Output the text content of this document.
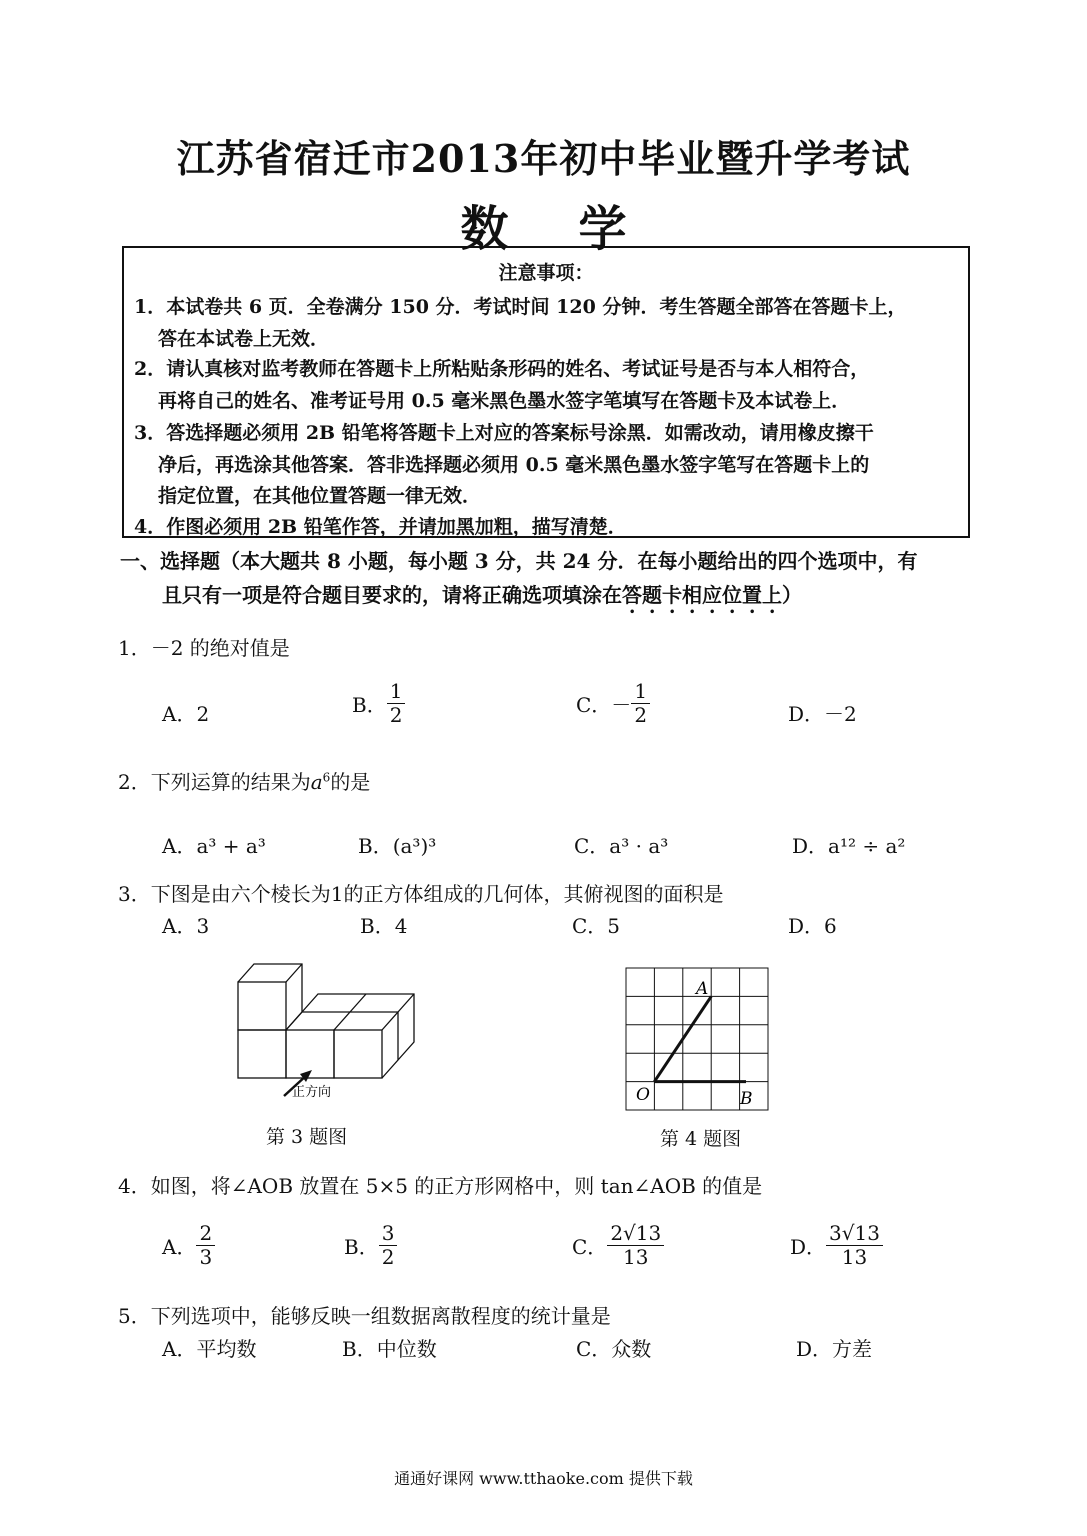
江苏省宿迁市2013年初中毕业暨升学考试
数学
注意事项：
1．本试卷共 6 页．全卷满分 150 分．考试时间 120 分钟．考生答题全部答在答题卡上，
答在本试卷上无效．
2．请认真核对监考教师在答题卡上所粘贴条形码的姓名、考试证号是否与本人相符合，
再将自己的姓名、准考证号用 0.5 毫米黑色墨水签字笔填写在答题卡及本试卷上．
3．答选择题必须用 2B 铅笔将答题卡上对应的答案标号涂黑．如需改动，请用橡皮擦干
净后，再选涂其他答案．答非选择题必须用 0.5 毫米黑色墨水签字笔写在答题卡上的
指定位置，在其他位置答题一律无效．
4．作图必须用 2B 铅笔作答，并请加黑加粗，描写清楚．
一、选择题（本大题共 8 小题，每小题 3 分，共 24 分．在每小题给出的四个选项中，有
且只有一项是符合题目要求的，请将正确选项填涂在答题卡相应位置上）
1．－2 的绝对值是
A．2	B． $\frac{1}{2}$	C．－ $\frac{1}{2}$	D．－2
2．下列运算的结果为$a^6$的是
A．a³ + a³	B．(a³)³	C．a³ · a³	D．a¹² ÷ a²
3．下图是由六个棱长为1的正方体组成的几何体，其俯视图的面积是
A．3	B．4	C．5	D．6
正方向
第 3 题图
A
O	B
第 4 题图
4．如图，将∠AOB 放置在 5×5 的正方形网格中，则 tan∠AOB 的值是
A． $\frac{2}{3}$	B． $\frac{3}{2}$	C． $\frac{2√13}{13}$	D． $\frac{3√13}{13}$
5．下列选项中，能够反映一组数据离散程度的统计量是
A．平均数	B．中位数	C．众数	D．方差
通通好课网 www.tthaoke.com 提供下载
